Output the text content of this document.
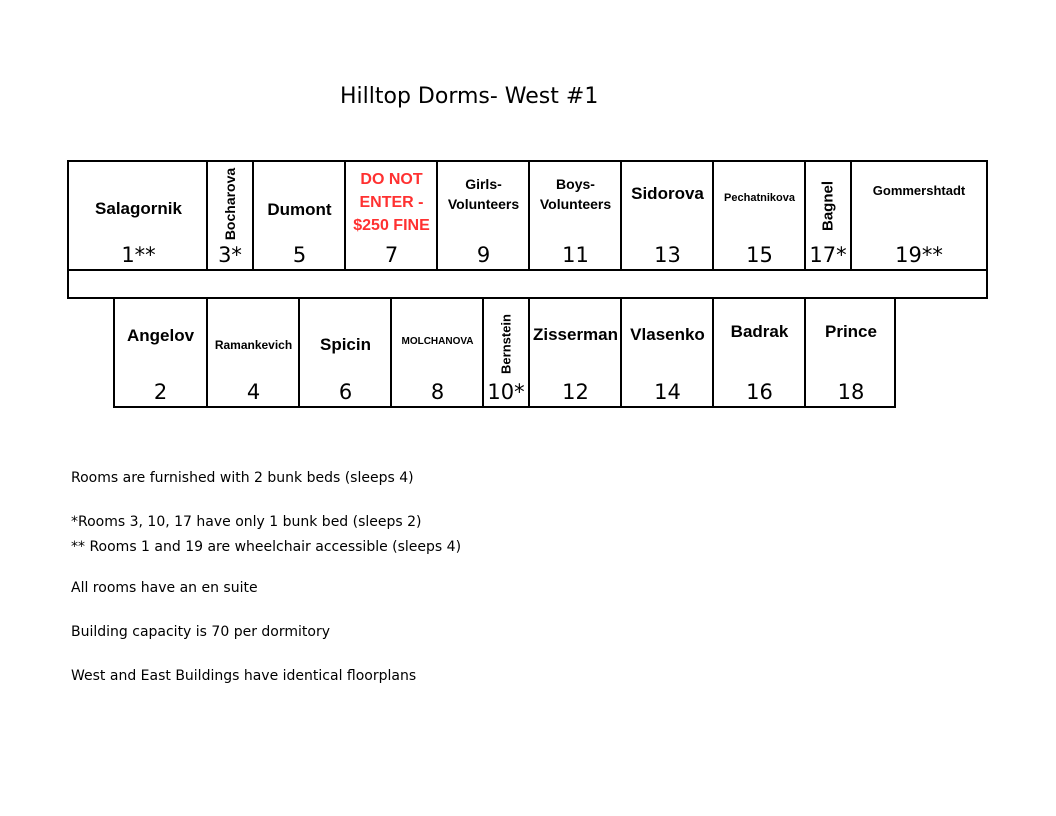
Hilltop Dorms- West #1
Salagornik
1**
Bocharova
3*
Dumont
5
DO NOT
ENTER -
$250 FINE
7
Girls-
Volunteers
9
Boys-
Volunteers
11
Sidorova
13
Pechatnikova
15
Bagnel
17*
Gommershtadt
19**
Angelov
2
Ramankevich
4
Spicin
6
MOLCHANOVA
8
Bernstein
10*
Zisserman
12
Vlasenko
14
Badrak
16
Prince
18
Rooms are furnished with 2 bunk beds (sleeps 4)
*Rooms 3, 10, 17 have only 1 bunk bed (sleeps 2)
** Rooms 1 and 19 are wheelchair accessible (sleeps 4)
All rooms have an en suite
Building capacity is 70 per dormitory
West and East Buildings have identical floorplans
